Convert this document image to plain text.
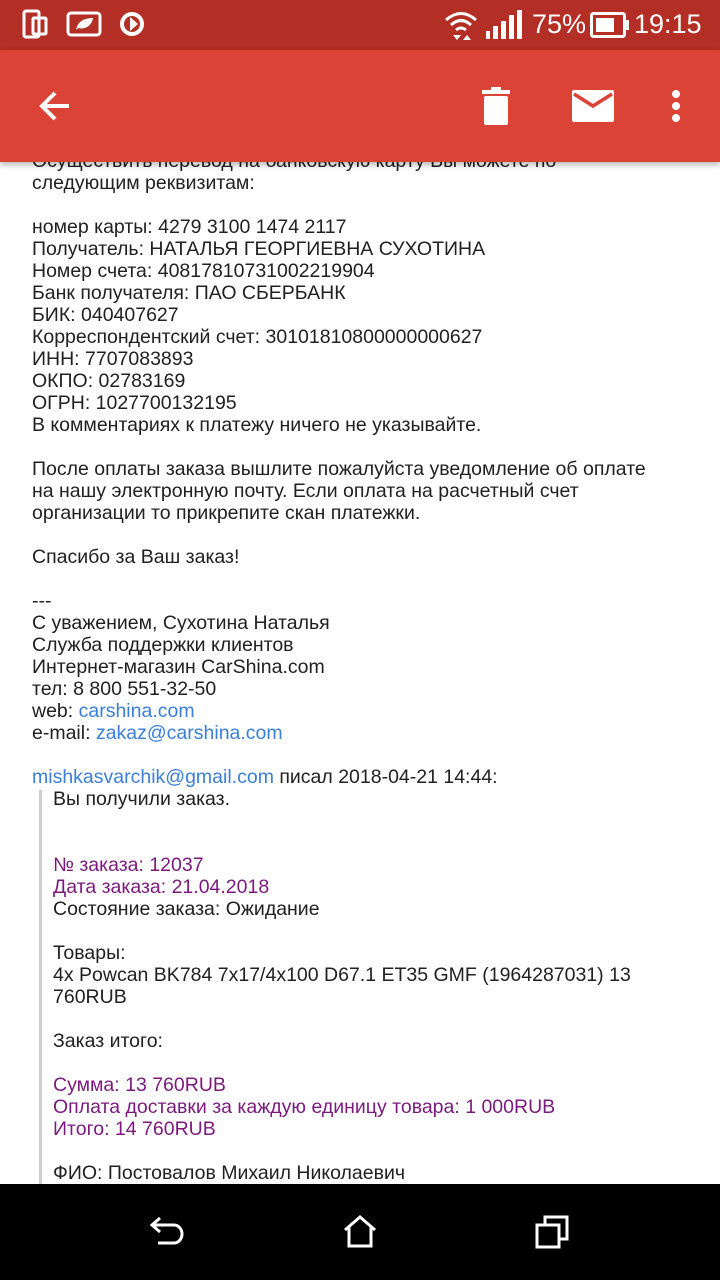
75% 19:15
следующим реквизитам:
номер карты: 4279 3100 1474 2117
Получатель: НАТАЛЬЯ ГЕОРГИЕВНА СУХОТИНА
Номер счета: 40817810731002219904
Банк получателя: ПАО СБЕРБАНК
БИК: 040407627
Корреспондентский счет: 30101810800000000627
ИНН: 7707083893
ОКПО: 02783169
ОГРН: 1027700132195
В комментариях к платежу ничего не указывайте.
После оплаты заказа вышлите пожалуйста уведомление об оплате
на нашу электронную почту. Если оплата на расчетный счет
организации то прикрепите скан платежки.
Спасибо за Ваш заказ!
---
С уважением, Сухотина Наталья
Служба поддержки клиентов
Интернет-магазин CarShina.com
тел: 8 800 551-32-50
web: carshina.com
e-mail: zakaz@carshina.com
mishkasvarchik@gmail.com писал 2018-04-21 14:44:
Вы получили заказ.
№ заказа: 12037
Дата заказа: 21.04.2018
Состояние заказа: Ожидание
Товары:
4x Powcan BK784 7x17/4x100 D67.1 ET35 GMF (1964287031) 13
760RUB
Заказ итого:
Сумма: 13 760RUB
Оплата доставки за каждую единицу товара: 1 000RUB
Итого: 14 760RUB
ФИО: Постовалов Михаил Николаевич
